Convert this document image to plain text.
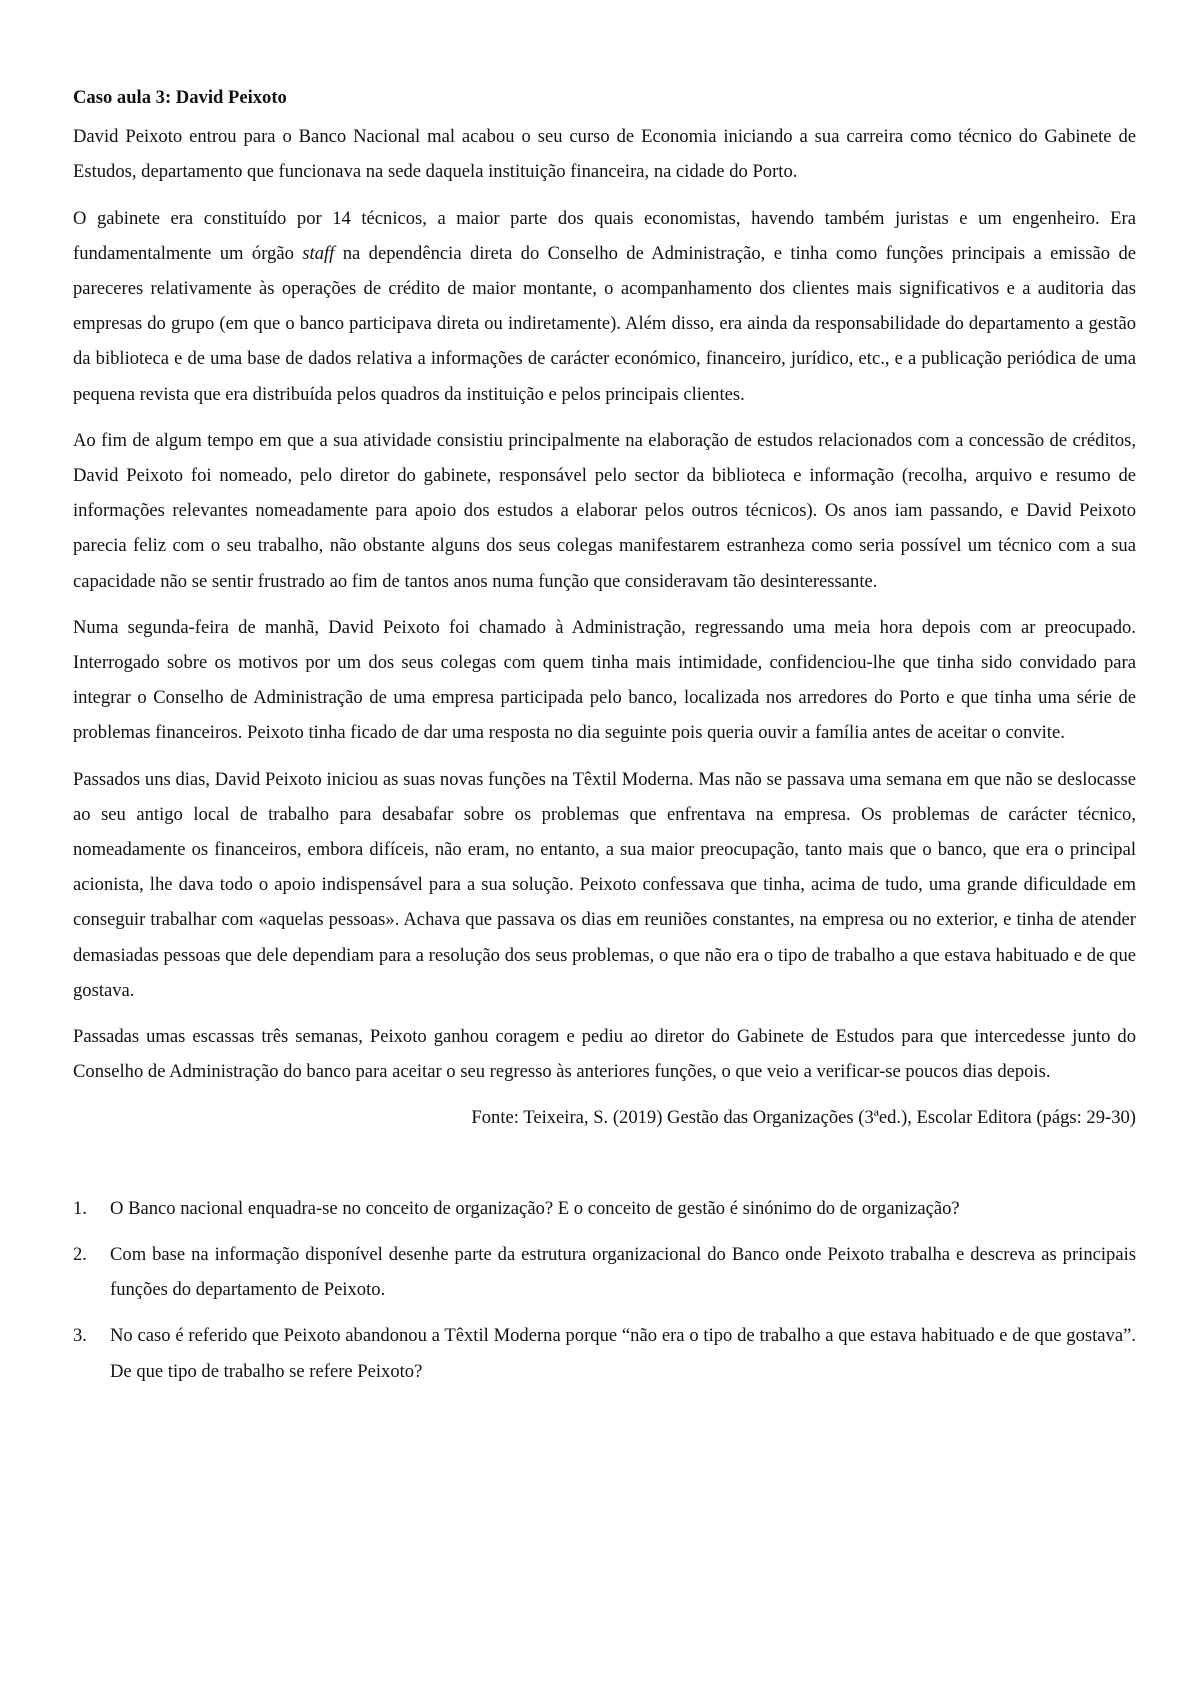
Caso aula 3: David Peixoto

David Peixoto entrou para o Banco Nacional mal acabou o seu curso de Economia iniciando a sua carreira como técnico do Gabinete de Estudos, departamento que funcionava na sede daquela instituição financeira, na cidade do Porto.

O gabinete era constituído por 14 técnicos, a maior parte dos quais economistas, havendo também juristas e um engenheiro. Era fundamentalmente um órgão staff na dependência direta do Conselho de Administração, e tinha como funções principais a emissão de pareceres relativamente às operações de crédito de maior montante, o acompanhamento dos clientes mais significativos e a auditoria das empresas do grupo (em que o banco participava direta ou indiretamente). Além disso, era ainda da responsabilidade do departamento a gestão da biblioteca e de uma base de dados relativa a informações de carácter económico, financeiro, jurídico, etc., e a publicação periódica de uma pequena revista que era distribuída pelos quadros da instituição e pelos principais clientes.

Ao fim de algum tempo em que a sua atividade consistiu principalmente na elaboração de estudos relacionados com a concessão de créditos, David Peixoto foi nomeado, pelo diretor do gabinete, responsável pelo sector da biblioteca e informação (recolha, arquivo e resumo de informações relevantes nomeadamente para apoio dos estudos a elaborar pelos outros técnicos). Os anos iam passando, e David Peixoto parecia feliz com o seu trabalho, não obstante alguns dos seus colegas manifestarem estranheza como seria possível um técnico com a sua capacidade não se sentir frustrado ao fim de tantos anos numa função que consideravam tão desinteressante.

Numa segunda-feira de manhã, David Peixoto foi chamado à Administração, regressando uma meia hora depois com ar preocupado. Interrogado sobre os motivos por um dos seus colegas com quem tinha mais intimidade, confidenciou-lhe que tinha sido convidado para integrar o Conselho de Administração de uma empresa participada pelo banco, localizada nos arredores do Porto e que tinha uma série de problemas financeiros. Peixoto tinha ficado de dar uma resposta no dia seguinte pois queria ouvir a família antes de aceitar o convite.

Passados uns dias, David Peixoto iniciou as suas novas funções na Têxtil Moderna. Mas não se passava uma semana em que não se deslocasse ao seu antigo local de trabalho para desabafar sobre os problemas que enfrentava na empresa. Os problemas de carácter técnico, nomeadamente os financeiros, embora difíceis, não eram, no entanto, a sua maior preocupação, tanto mais que o banco, que era o principal acionista, lhe dava todo o apoio indispensável para a sua solução. Peixoto confessava que tinha, acima de tudo, uma grande dificuldade em conseguir trabalhar com «aquelas pessoas». Achava que passava os dias em reuniões constantes, na empresa ou no exterior, e tinha de atender demasiadas pessoas que dele dependiam para a resolução dos seus problemas, o que não era o tipo de trabalho a que estava habituado e de que gostava.

Passadas umas escassas três semanas, Peixoto ganhou coragem e pediu ao diretor do Gabinete de Estudos para que intercedesse junto do Conselho de Administração do banco para aceitar o seu regresso às anteriores funções, o que veio a verificar-se poucos dias depois.

Fonte: Teixeira, S. (2019) Gestão das Organizações (3ªed.), Escolar Editora (págs: 29-30)

1. O Banco nacional enquadra-se no conceito de organização? E o conceito de gestão é sinónimo do de organização?
2. Com base na informação disponível desenhe parte da estrutura organizacional do Banco onde Peixoto trabalha e descreva as principais funções do departamento de Peixoto.
3. No caso é referido que Peixoto abandonou a Têxtil Moderna porque “não era o tipo de trabalho a que estava habituado e de que gostava”. De que tipo de trabalho se refere Peixoto?
